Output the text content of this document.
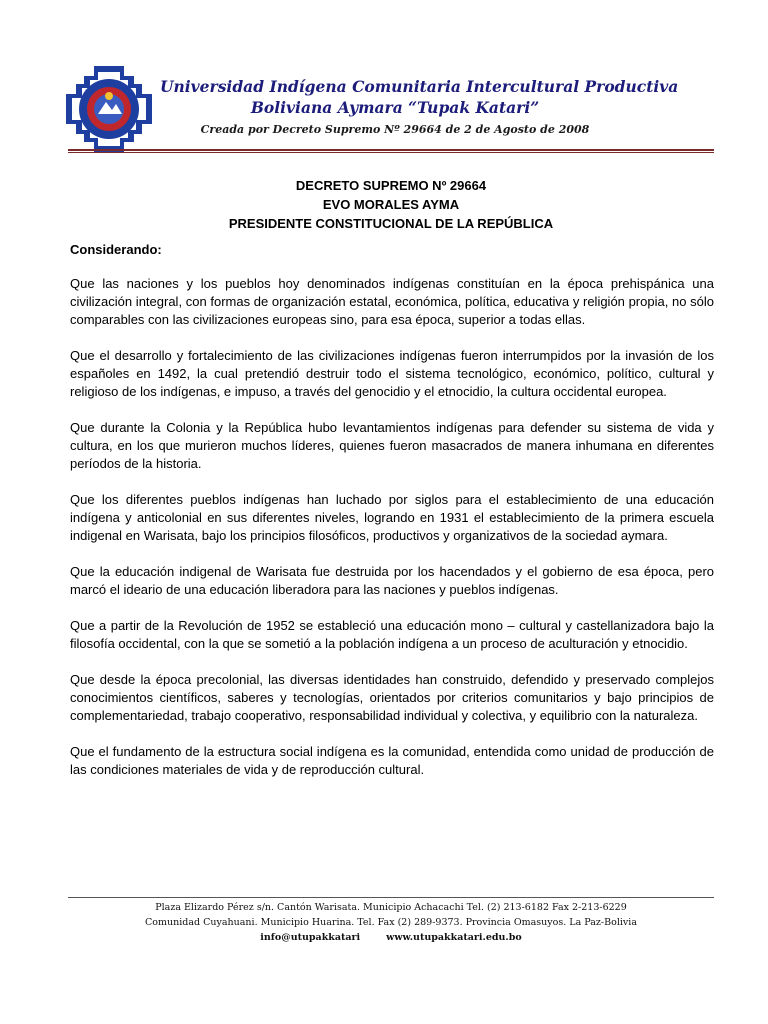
Universidad Indígena Comunitaria Intercultural Productiva
Boliviana Aymara “Tupak Katari”
Creada por Decreto Supremo Nº 29664 de 2 de Agosto de 2008
DECRETO SUPREMO Nº 29664
EVO MORALES AYMA
PRESIDENTE CONSTITUCIONAL DE LA REPÚBLICA
Considerando:

Que las naciones y los pueblos hoy denominados indígenas constituían en la época prehispánica una civilización integral, con formas de organización estatal, económica, política, educativa y religión propia, no sólo comparables con las civilizaciones europeas sino, para esa época, superior a todas ellas.

Que el desarrollo y fortalecimiento de las civilizaciones indígenas fueron interrumpidos por la invasión de los españoles en 1492, la cual pretendió destruir todo el sistema tecnológico, económico, político, cultural y religioso de los indígenas, e impuso, a través del genocidio y el etnocidio, la cultura occidental europea.

Que durante la Colonia y la República hubo levantamientos indígenas para defender su sistema de vida y cultura, en los que murieron muchos líderes, quienes fueron masacrados de manera inhumana en diferentes períodos de la historia.

Que los diferentes pueblos indígenas han luchado por siglos para el establecimiento de una educación indígena y anticolonial en sus diferentes niveles, logrando en 1931 el establecimiento de la primera escuela indigenal en Warisata, bajo los principios filosóficos, productivos y organizativos de la sociedad aymara.

Que la educación indigenal de Warisata fue destruida por los hacendados y el gobierno de esa época, pero marcó el ideario de una educación liberadora para las naciones y pueblos indígenas.

Que a partir de la Revolución de 1952 se estableció una educación mono – cultural y castellanizadora bajo la filosofía occidental, con la que se sometió a la población indígena a un proceso de aculturación y etnocidio.

Que desde la época precolonial, las diversas identidades han construido, defendido y preservado complejos conocimientos científicos, saberes y tecnologías, orientados por criterios comunitarios y bajo principios de complementariedad, trabajo cooperativo, responsabilidad individual y colectiva, y equilibrio con la naturaleza.

Que el fundamento de la estructura social indígena es la comunidad, entendida como unidad de producción de las condiciones materiales de vida y de reproducción cultural.

Plaza Elizardo Pérez s/n. Cantón Warisata. Municipio Achacachi Tel. (2) 213-6182 Fax 2-213-6229
Comunidad Cuyahuani. Municipio Huarina. Tel. Fax (2) 289-9373. Provincia Omasuyos. La Paz-Bolivia
info@utupakkatari	www.utupakkatari.edu.bo
